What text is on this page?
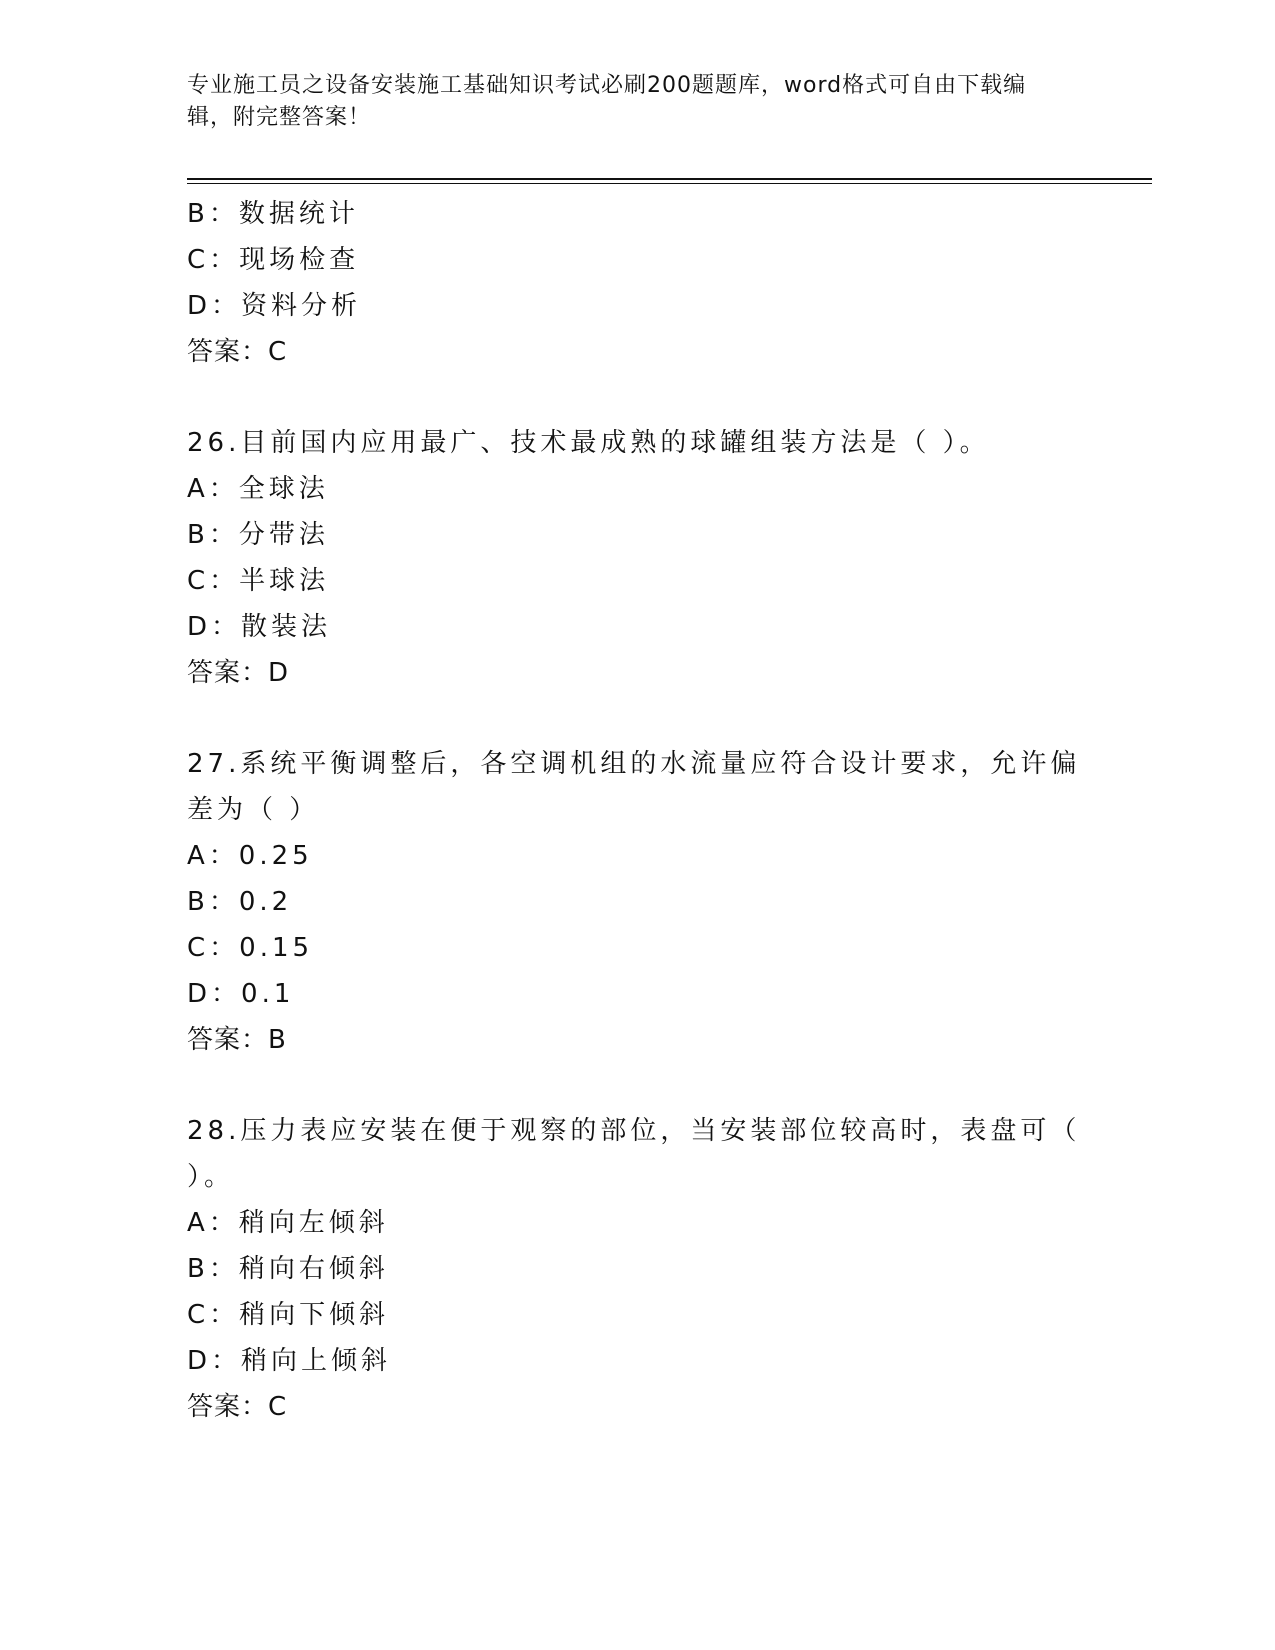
专业施工员之设备安装施工基础知识考试必刷200题题库，word格式可自由下载编辑，附完整答案！
B：数据统计
C：现场检查
D：资料分析
答案：C
26.目前国内应用最广、技术最成熟的球罐组装方法是（ ）。
A：全球法
B：分带法
C：半球法
D：散装法
答案：D
27.系统平衡调整后，各空调机组的水流量应符合设计要求，允许偏差为（ ）
A：0.25
B：0.2
C：0.15
D：0.1
答案：B
28.压力表应安装在便于观察的部位，当安装部位较高时，表盘可（ ）。
A：稍向左倾斜
B：稍向右倾斜
C：稍向下倾斜
D：稍向上倾斜
答案：C
